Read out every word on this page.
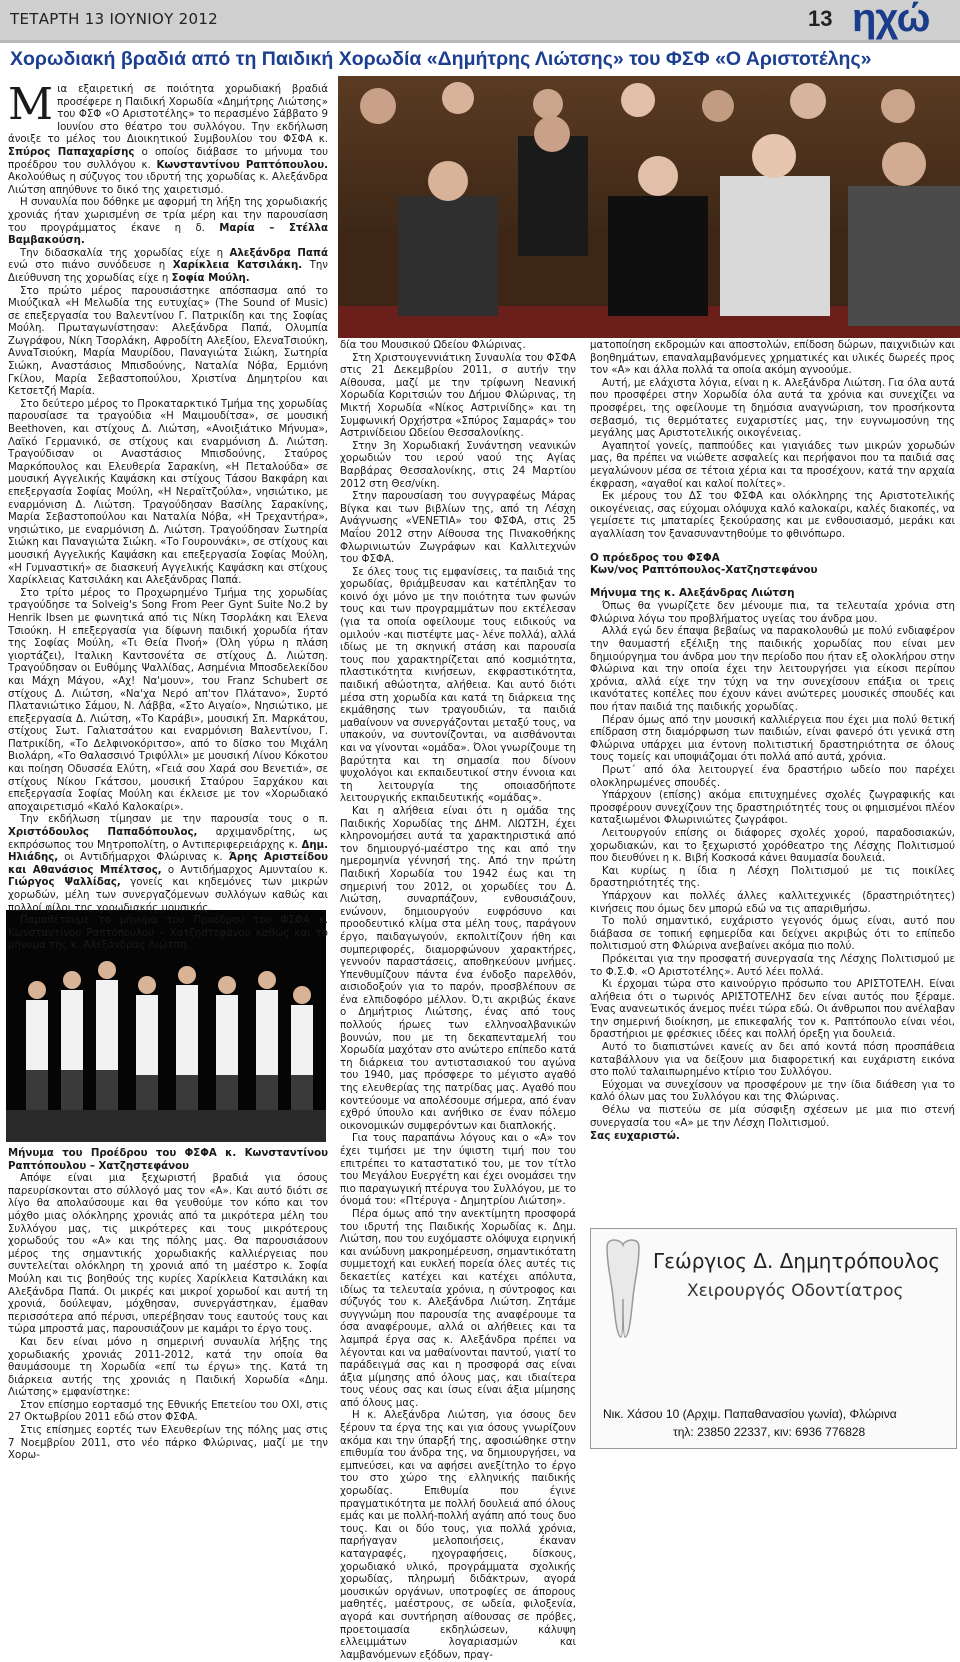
ΤΕΤΑΡΤΗ 13 ΙΟΥΝΙΟΥ 2012	13 ηχώ
Χορωδιακή βραδιά από τη Παιδική Χορωδία «Δημήτρης Λιώτσης» του ΦΣΦ «Ο Αριστοτέλης»

Μια εξαιρετική σε ποιότητα χορωδιακή βραδιά προσέφερε η Παιδική Χορωδία «Δημήτρης Λιώτσης» του ΦΣΦ «Ο Αριστοτέλης» το περασμένο Σάββατο 9 Ιουνίου στο θέατρο του συλλόγου. Την εκδήλωση άνοιξε το μέλος του Διοικητικού Συμβουλίου του ΦΣΦΑ κ. Σπύρος Παπαχαρίσης ο οποίος διάβασε το μήνυμα του προέδρου του συλλόγου κ. Κωνσταντίνου Ραπτόπουλου. Ακολούθως η σύζυγος του ιδρυτή της χορωδίας κ. Αλεξάνδρα Λιώτση απηύθυνε το δικό της χαιρετισμό.

Η συναυλία που δόθηκε με αφορμή τη λήξη της χορωδιακής χρονιάς ήταν χωρισμένη σε τρία μέρη και την παρουσίαση του προγράμματος έκανε η δ. Μαρία – Στέλλα Βαμβακούση.

Την διδασκαλία της χορωδίας είχε η Αλεξάνδρα Παπά ενώ στο πιάνο συνόδευσε η Χαρίκλεια Κατσιλάκη. Την Διεύθυνση της χορωδίας είχε η Σοφία Μούλη.

Στο πρώτο μέρος παρουσιάστηκε απόσπασμα από το Μιούζικαλ «Η Μελωδία της ευτυχίας» (The Sound of Music) σε επεξεργασία του Βαλεντίνου Γ. Πατρικίδη και της Σοφίας Μούλη. Πρωταγωνίστησαν: Αλεξάνδρα Παπά, Ολυμπία Ζωγράφου, Νίκη Τσορλάκη, Αφροδίτη Αλεξίου, ΕλεναΤσιούκη, ΑνναΤσιούκη, Μαρία Μαυρίδου, Παναγιώτα Σιώκη, Σωτηρία Σιώκη, Αναστάσιος Μπισδούνης, Ναταλία Νόβα, Ερμιόνη Γκίλου, Μαρία Σεβαστοπούλου, Χριστίνα Δημητρίου και Κετσετζή Μαρία.

Στο δεύτερο μέρος το Προκαταρκτικό Τμήμα της χορωδίας παρουσίασε τα τραγούδια «Η Μαιμουδίτσα», σε μουσική Beethoven, και στίχους Δ. Λιώτση, «Ανοιξιάτικο Μήνυμα», Λαϊκό Γερμανικό, σε στίχους και εναρμόνιση Δ. Λιώτση. Τραγούδισαν οι Αναστάσιος Μπισδούνης, Σταύρος Μαρκόπουλος και Ελευθερία Σαρακίνη, «Η Πεταλούδα» σε μουσική Αγγελικής Καψάσκη και στίχους Τάσου Βακφάρη και επεξεργασία Σοφίας Μούλη, «Η Νεραϊτζούλα», νησιώτικο, με εναρμόνιση Δ. Λιώτση. Τραγούδησαν Βασίλης Σαρακίνης, Μαρία Σεβαστοπούλου και Ναταλία Νόβα, «Η Τρεχαντήρα», νησιώτικο, με εναρμόνιση Δ. Λιώτση. Τραγούδησαν Σωτηρία Σιώκη και Παναγιώτα Σιώκη. «Το Γουρουνάκι», σε στίχους και μουσική Αγγελικής Καψάσκη και επεξεργασία Σοφίας Μούλη, «Η Γυμναστική» σε διασκευή Αγγελικής Καψάσκη και στίχους Χαρίκλειας Κατσιλάκη και Αλεξάνδρας Παπά.

Στο τρίτο μέρος το Προχωρημένο Τμήμα της χορωδίας τραγούδησε τα Solveig's Song From Peer Gynt Suite No.2 by Henrik Ibsen με φωνητικά από τις Νίκη Τσορλάκη και Έλενα Τσιούκη. Η επεξεργασία για δίφωνη παιδική χορωδία ήταν της Σοφίας Μούλη, «Τι Θεία Πνοή» (Όλη γύρω η πλάση γιορτάζει), Ιταλικη Καντσονέτα σε στίχους Δ. Λιώτση. Τραγούδησαν οι Ευθύμης Ψαλλίδας, Ασημένια Μποσδελεκίδου και Μάχη Μάγου, «Αχ! Να'μουν», του Franz Schubert σε στίχους Δ. Λιώτση, «Να'χα Νερό απ'τον Πλάτανο», Συρτό Πλατανιώτικο Σάμου, Ν. Λάββα, «Στο Αιγαίο», Νησιώτικο, με επεξεργασία Δ. Λιώτση, «Το Καράβι», μουσική Σπ. Μαρκάτου, στίχους Σωτ. Γαλιατσάτου και εναρμόνιση Βαλεντίνου, Γ. Πατρικίδη, «Το Δελφινοκόριτσο», από το δίσκο του Μιχάλη Βιολάρη, «Το Θαλασσινό Τριφύλλι» με μουσική Λίνου Κόκοτου και ποίηση Οδυσσέα Ελύτη, «Γειά σου Χαρά σου Βενετιά», σε στίχους Νίκου Γκάτσου, μουσική Σταύρου Ξαρχάκου και επεξεργασία Σοφίας Μούλη και έκλεισε με τον «Χορωδιακό αποχαιρετισμό «Καλό Καλοκαίρι».

Την εκδήλωση τίμησαν με την παρουσία τους ο π. Χριστόδουλος Παπαδόπουλος, αρχιμανδρίτης, ως εκπρόσωπος του Μητροπολίτη, ο Αντιπεριφερειάρχης κ. Δημ. Ηλιάδης, οι Αντιδήμαρχοι Φλώρινας κ. Άρης Αριστείδου και Αθανάσιος Μπέλτσος, ο Αντιδήμαρχος Αμυνταίου κ. Γιώργος Ψαλλίδας, γονείς και κηδεμόνες των μικρών χορωδών, μέλη των συνεργαζόμενων συλλόγων καθώς και πολλοί φίλοι της χορωδιακής μουσικής.

Παραθέτουμε το μήνυμα του Προέδρου του ΦΣΦΑ κ. Κωνσταντίνου Ραπτόπουλου – Χατζηστεφάνου καθώς και το μήνυμα της κ. Αλεξάνδρας Λιώτση.

Μήνυμα του Προέδρου του ΦΣΦΑ κ. Κωνσταντίνου Ραπτόπουλου – Χατζηστεφάνου

Απόψε είναι μια ξεχωριστή βραδιά για όσους παρευρίσκονται στο σύλλογό μας τον «Α». Και αυτό διότι σε λίγο θα απολαύσουμε και θα γευθούμε τον κόπο και τον μόχθο μιας ολόκληρης χρονιάς από τα μικρότερα μέλη του Συλλόγου μας, τις μικρότερες και τους μικρότερους χορωδούς του «Α» και της πόλης μας. Θα παρουσιάσουν μέρος της σημαντικής χορωδιακής καλλιέργειας που συντελείται ολόκληρη τη χρονιά από τη μαέστρο κ. Σοφία Μούλη και τις βοηθούς της κυρίες Χαρίκλεια Κατσιλάκη και Αλεξάνδρα Παπά. Οι μικρές και μικροί χορωδοί και αυτή τη χρονιά, δούλεψαν, μόχθησαν, συνεργάστηκαν, έμαθαν περισσότερα από πέρυσι, υπερέβησαν τους εαυτούς τους και τώρα μπροστά μας, παρουσιάζουν με καμάρι το έργο τους.

Και δεν είναι μόνο η σημερινή συναυλία λήξης της χορωδιακής χρονιάς 2011-2012, κατά την οποία θα θαυμάσουμε τη Χορωδία «επί τω έργω» της. Κατά τη διάρκεια αυτής της χρονιάς η Παιδική Χορωδία «Δημ. Λιώτσης» εμφανίστηκε:

Στον επίσημο εορτασμό της Εθνικής Επετείου του ΟΧΙ, στις 27 Οκτωβρίου 2011 εδώ στον ΦΣΦΑ.

Στις επίσημες εορτές των Ελευθερίων της πόλης μας στις 7 Νοεμβρίου 2011, στο νέο πάρκο Φλώρινας, μαζί με την Χορω-

δία του Μουσικού Ωδείου Φλώρινας.

Στη Χριστουγεννιάτικη Συναυλία του ΦΣΦΑ στις 21 Δεκεμβρίου 2011, σ αυτήν την Αίθουσα, μαζί με την τρίφωνη Νεανική Χορωδία Κοριτσιών του Δήμου Φλώρινας, τη Μικτή Χορωδία «Νίκος Αστρινίδης» και τη Συμφωνική Ορχήστρα «Σπύρος Σαμαράς» του Αστρινίδειου Ωδείου Θεσσαλονίκης.

Στην 3η Χορωδιακή Συνάντηση νεανικών χορωδιών του ιερού ναού της Αγίας Βαρβάρας Θεσσαλονίκης, στις 24 Μαρτίου 2012 στη Θεσ/νίκη.

Στην παρουσίαση του συγγραφέως Μάρας Βίγκα και των βιβλίων της, από τη Λέσχη Ανάγνωσης «VENETIA» του ΦΣΦΑ, στις 25 Μαΐου 2012 στην Αίθουσα της Πινακοθήκης Φλωρινιωτών Ζωγράφων και Καλλιτεχνών του ΦΣΦΑ.

Σε όλες τους τις εμφανίσεις, τα παιδιά της χορωδίας, θριάμβευσαν και κατέπληξαν το κοινό όχι μόνο με την ποιότητα των φωνών τους και των προγραμμάτων που εκτέλεσαν (για τα οποία οφείλουμε τους ειδικούς να ομιλούν -και πιστέψτε μας- λένε πολλά), αλλά ιδίως με τη σκηνική στάση και παρουσία τους που χαρακτηρίζεται από κοσμιότητα, πλαστικότητα κινήσεων, εκφραστικότητα, παιδική αθώοτητα, αλήθεια. Και αυτό διότι μέσα στη χορωδία και κατά τη διάρκεια της εκμάθησης των τραγουδιών, τα παιδιά μαθαίνουν να συνεργάζονται μεταξύ τους, να υπακούν, να συντονίζονται, να αισθάνονται και να γίνονται «ομάδα». Όλοι γνωρίζουμε τη βαρύτητα και τη σημασία που δίνουν ψυχολόγοι και εκπαιδευτικοί στην έννοια και τη λειτουργία της οποιασδήποτε λειτουργικής εκπαιδευτικής «ομάδας».

Και η αλήθεια είναι ότι η ομάδα της Παιδικής Χορωδίας της ΔΗΜ. ΛΙΩΤΣΗ, έχει κληρονομήσει αυτά τα χαρακτηριστικά από τον δημιουργό-μαέστρο της και από την ημερομηνία γέννησή της. Από την πρώτη Παιδική Χορωδία του 1942 έως και τη σημερινή του 2012, οι χορωδίες του Δ. Λιώτση, συναρπάζουν, ενθουσιάζουν, ενώνουν, δημιουργούν ευφρόσυνο και προοδευτικό κλίμα στα μέλη τους, παράγουν έργο, παιδαγωγούν, εκπολιτίζουν ήθη και συμπεριφορές, διαμορφώνουν χαρακτήρες, γεννούν παραστάσεις, αποθηκεύουν μνήμες. Υπενθυμίζουν πάντα ένα ένδοξο παρελθόν, αισιοδοξούν για το παρόν, προσβλέπουν σε ένα ελπιδοφόρο μέλλον. Ό,τι ακριβώς έκανε ο Δημήτριος Λιώτσης, ένας από τους πολλούς ήρωες των ελληνοαλβανικών βουνών, που με τη δεκαπενταμελή του Χορωδία μαχόταν στο ανώτερο επίπεδο κατά τη διάρκεια του αντιστασιακού του αγώνα του 1940, μας πρόσφερε το μέγιστο αγαθό της ελευθερίας της πατρίδας μας. Αγαθό που κοντεύουμε να απολέσουμε σήμερα, από έναν εχθρό ύπουλο και ανήθικο σε έναν πόλεμο οικονομικών συμφερόντων και διαπλοκής.

Για τους παραπάνω λόγους και ο «Α» τον έχει τιμήσει με την ύψιστη τιμή που του επιτρέπει το καταστατικό του, με τον τίτλο του Μεγάλου Ευεργέτη και έχει ονομάσει την πιο παραγωγική πτέρυγα του Συλλόγου, με το όνομά του: «Πτέρυγα - Δημητρίου Λιώτση».

Πέρα όμως από την ανεκτίμητη προσφορά του ιδρυτή της Παιδικής Χορωδίας κ. Δημ. Λιώτση, που του ευχόμαστε ολόψυχα ειρηνική και ανώδυνη μακροημέρευση, σημαντικότατη συμμετοχή και ευκλεή πορεία όλες αυτές τις δεκαετίες κατέχει και κατέχει απόλυτα, ιδίως τα τελευταία χρόνια, η σύντροφος και σύζυγός του κ. Αλεξάνδρα Λιώτση. Ζητάμε συγγνώμη που παρουσία της αναφέρουμε τα όσα αναφέρουμε, αλλά οι αλήθειες και τα λαμπρά έργα σας κ. Αλεξάνδρα πρέπει να λέγονται και να μαθαίνονται παντού, γιατί το παράδειγμά σας και η προσφορά σας είναι άξια μίμησης από όλους μας, και ιδιαίτερα τους νέους σας και ίσως είναι άξια μίμησης από όλους μας.

Η κ. Αλεξάνδρα Λιώτση, για όσους δεν ξέρουν τα έργα της και για όσους γνωρίζουν ακόμα και την ύπαρξή της, αφοσιώθηκε στην επιθυμία του άνδρα της, να δημιουργήσει, να εμπνεύσει, και να αφήσει ανεξίτηλο το έργο του στο χώρο της ελληνικής παιδικής χορωδίας. Επιθυμία που έγινε πραγματικότητα με πολλή δουλειά από όλους εμάς και με πολλή-πολλή αγάπη από τους δυο τους. Και οι δύο τους, για πολλά χρόνια, παρήγαγαν μελοποιήσεις, έκαναν καταγραφές, ηχογραφήσεις, δίσκους, χορωδιακό υλικό, προγράμματα σχολικής χορωδίας, πληρωμή διδάκτρων, αγορά μουσικών οργάνων, υποτροφίες σε άπορους μαθητές, μαέστρους, σε ωδεία, φιλοξενία, αγορά και συντήρηση αίθουσας σε πρόβες, προετοιμασία εκδηλώσεων, κάλυψη ελλειμμάτων λογαριασμών και λαμβανόμενων εξόδων, πραγ-

ματοποίηση εκδρομών και αποστολών, επίδοση δώρων, παιχνιδιών και βοηθημάτων, επαναλαμβανόμενες χρηματικές και υλικές δωρεές προς τον «Α» και άλλα πολλά τα οποία ακόμη αγνοούμε.

Αυτή, με ελάχιστα λόγια, είναι η κ. Αλεξάνδρα Λιώτση. Για όλα αυτά που προσφέρει στην Χορωδία όλα αυτά τα χρόνια και συνεχίζει να προσφέρει, της οφείλουμε τη δημόσια αναγνώριση, τον προσήκοντα σεβασμό, τις θερμότατες ευχαριστίες μας, την ευγνωμοσύνη της μεγάλης μας Αριστοτελικής οικογένειας.

Αγαπητοί γονείς, παππούδες και γιαγιάδες των μικρών χορωδών μας, θα πρέπει να νιώθετε ασφαλείς και περήφανοι που τα παιδιά σας μεγαλώνουν μέσα σε τέτοια χέρια και τα προσέχουν, κατά την αρχαία έκφραση, «αγαθοί και καλοί πολίτες».

Εκ μέρους του ΔΣ του ΦΣΦΑ και ολόκληρης της Αριστοτελικής οικογένειας, σας εύχομαι ολόψυχα καλό καλοκαίρι, καλές διακοπές, να γεμίσετε τις μπαταρίες ξεκούρασης και με ενθουσιασμό, μεράκι και αγαλλίαση τον ξανασυναντηθούμε το φθινόπωρο.

Ο πρόεδρος του ΦΣΦΑ
Κων/νος Ραπτόπουλος-Χατζηστεφάνου
Μήνυμα της κ. Αλεξάνδρας Λιώτση

Όπως θα γνωρίζετε δεν μένουμε πια, τα τελευταία χρόνια στη Φλώρινα λόγω του προβλήματος υγείας του άνδρα μου.

Αλλά εγώ δεν έπαψα βεβαίως να παρακολουθώ με πολύ ενδιαφέρον την θαυμαστή εξέλιξη της παιδικής χορωδίας που είναι μεν δημιούργημα του άνδρα μου την περίοδο που ήταν εξ ολοκλήρου στην Φλώρινα και την οποία έχει την λειτουργήσει για είκοσι περίπου χρόνια, αλλά είχε την τύχη να την συνεχίσουν επάξια οι τρεις ικανότατες κοπέλες που έχουν κάνει ανώτερες μουσικές σπουδές και που ήταν παιδιά της παιδικής χορωδίας.

Πέραν όμως από την μουσική καλλιέργεια που έχει μια πολύ θετική επίδραση στη διαμόρφωση των παιδιών, είναι φανερό ότι γενικά στη Φλώρινα υπάρχει μια έντονη πολιτιστική δραστηριότητα σε όλους τους τομείς και υποψιάζομαι ότι πολλά από αυτά, χρόνια.

Πρωτ΄ από όλα λειτουργεί ένα δραστήριο ωδείο που παρέχει ολοκληρωμένες σπουδές.

Υπάρχουν (επίσης) ακόμα επιτυχημένες σχολές ζωγραφικής και προσφέρουν συνεχίζουν της δραστηριότητές τους οι φημισμένοι πλέον καταξιωμένοι Φλωρινιώτες ζωγράφοι.

Λειτουργούν επίσης οι διάφορες σχολές χορού, παραδοσιακών, χορωδιακών, και το ξεχωριστό χορόθεατρο της Λέσχης Πολιτισμού που διευθύνει η κ. Βιβή Κοσκοσά κάνει θαυμασία δουλειά.

Και κυρίως η ίδια η Λέσχη Πολιτισμού με τις ποικίλες δραστηριότητές της.

Υπάρχουν και πολλές άλλες καλλιτεχνικές (δραστηριότητες) κινήσεις που όμως δεν μπορώ εδώ να τις απαριθμήσω.

Το πολύ σημαντικό, ευχάριστο γεγονός όμως είναι, αυτό που διάβασα σε τοπική εφημερίδα και δείχνει ακριβώς ότι το επίπεδο πολιτισμού στη Φλώρινα ανεβαίνει ακόμα πιο πολύ.

Πρόκειται για την προσφατή συνεργασία της Λέσχης Πολιτισμού με το Φ.Σ.Φ. «Ο Αριστοτέλης». Αυτό λέει πολλά.

Κι έρχομαι τώρα στο καινούργιο πρόσωπο του ΑΡΙΣΤΟΤΕΛΗ. Είναι αλήθεια ότι ο τωρινός ΑΡΙΣΤΟΤΕΛΗΣ δεν είναι αυτός που ξέραμε. Ένας ανανεωτικός άνεμος πνέει τώρα εδώ. Οι άνθρωποι που ανέλαβαν την σημερινή διοίκηση, με επικεφαλής τον κ. Ραπτόπουλο είναι νέοι, δραστήριοι με φρέσκιες ιδέες και πολλή όρεξη για δουλειά.

Αυτό το διαπιστώνει κανείς αν δει από κοντά πόση προσπάθεια καταβάλλουν για να δείξουν μια διαφορετική και ευχάριστη εικόνα στο πολύ ταλαιπωρημένο κτίριο του Συλλόγου.

Εύχομαι να συνεχίσουν να προσφέρουν με την ίδια διάθεση για το καλό όλων μας του Συλλόγου και της Φλώρινας.

Θέλω να πιστεύω σε μία σύσφιξη σχέσεων με μια πιο στενή συνεργασία του «Α» με την Λέσχη Πολιτισμού.

Σας ευχαριστώ.
Γεώργιος Δ. Δημητρόπουλος
Χειρουργός Οδοντίατρος
Νικ. Χάσου 10 (Αρχιμ. Παπαθανασίου γωνία), Φλώρινα
τηλ: 23850 22337, κιν: 6936 776828
